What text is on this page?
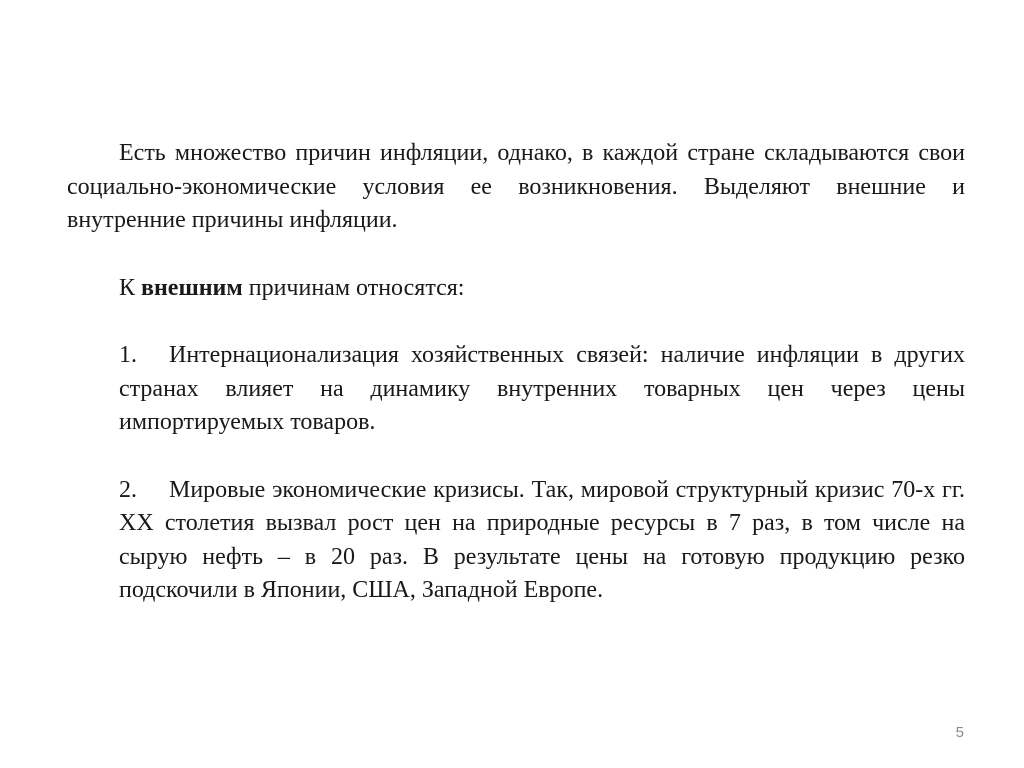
Есть множество причин инфляции, однако, в каждой стране складываются свои социально-экономические условия ее возникновения. Выделяют внешние и внутренние причины инфляции.

К внешним причинам относятся:

1. Интернационализация хозяйственных связей: наличие инфляции в других странах влияет на динамику внутренних товарных цен через цены импортируемых товаров.

2. Мировые экономические кризисы. Так, мировой структурный кризис 70-х гг. XX столетия вызвал рост цен на природные ресурсы в 7 раз, в том числе на сырую нефть – в 20 раз. В результате цены на готовую продукцию резко подскочили в Японии, США, Западной Европе.

5
